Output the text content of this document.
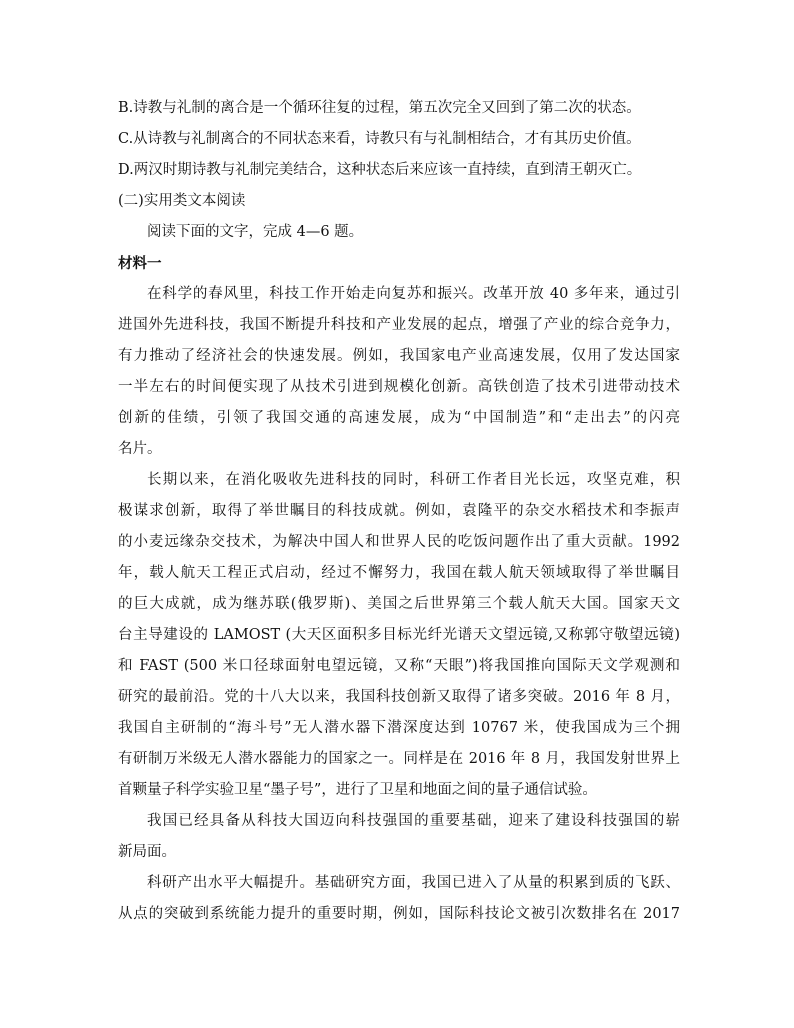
B.诗教与礼制的离合是一个循环往复的过程，第五次完全又回到了第二次的状态。
C.从诗教与礼制离合的不同状态来看，诗教只有与礼制相结合，才有其历史价值。
D.两汉时期诗教与礼制完美结合，这种状态后来应该一直持续，直到清王朝灭亡。
(二)实用类文本阅读
阅读下面的文字，完成 4—6 题。
材料一
在科学的春风里，科技工作开始走向复苏和振兴。改革开放 40 多年来，通过引
进国外先进科技，我国不断提升科技和产业发展的起点，增强了产业的综合竞争力，
有力推动了经济社会的快速发展。例如，我国家电产业高速发展，仅用了发达国家
一半左右的时间便实现了从技术引进到规模化创新。高铁创造了技术引进带动技术
创新的佳绩，引领了我国交通的高速发展，成为“中国制造”和“走出去”的闪亮
名片。
长期以来，在消化吸收先进科技的同时，科研工作者目光长远，攻坚克难，积
极谋求创新，取得了举世瞩目的科技成就。例如，袁隆平的杂交水稻技术和李振声
的小麦远缘杂交技术，为解决中国人和世界人民的吃饭问题作出了重大贡献。1992
年，载人航天工程正式启动，经过不懈努力，我国在载人航天领域取得了举世瞩目
的巨大成就，成为继苏联(俄罗斯)、美国之后世界第三个载人航天大国。国家天文
台主导建设的 LAMOST (大天区面积多目标光纤光谱天文望远镜,又称郭守敬望远镜)
和 FAST (500 米口径球面射电望远镜，又称“天眼”)将我国推向国际天文学观测和
研究的最前沿。党的十八大以来，我国科技创新又取得了诸多突破。2016 年 8 月，
我国自主研制的“海斗号”无人潜水器下潜深度达到 10767 米，使我国成为三个拥
有研制万米级无人潜水器能力的国家之一。同样是在 2016 年 8 月，我国发射世界上
首颗量子科学实验卫星“墨子号”，进行了卫星和地面之间的量子通信试验。
我国已经具备从科技大国迈向科技强国的重要基础，迎来了建设科技强国的崭
新局面。
科研产出水平大幅提升。基础研究方面，我国已进入了从量的积累到质的飞跃、
从点的突破到系统能力提升的重要时期，例如，国际科技论文被引次数排名在 2017
